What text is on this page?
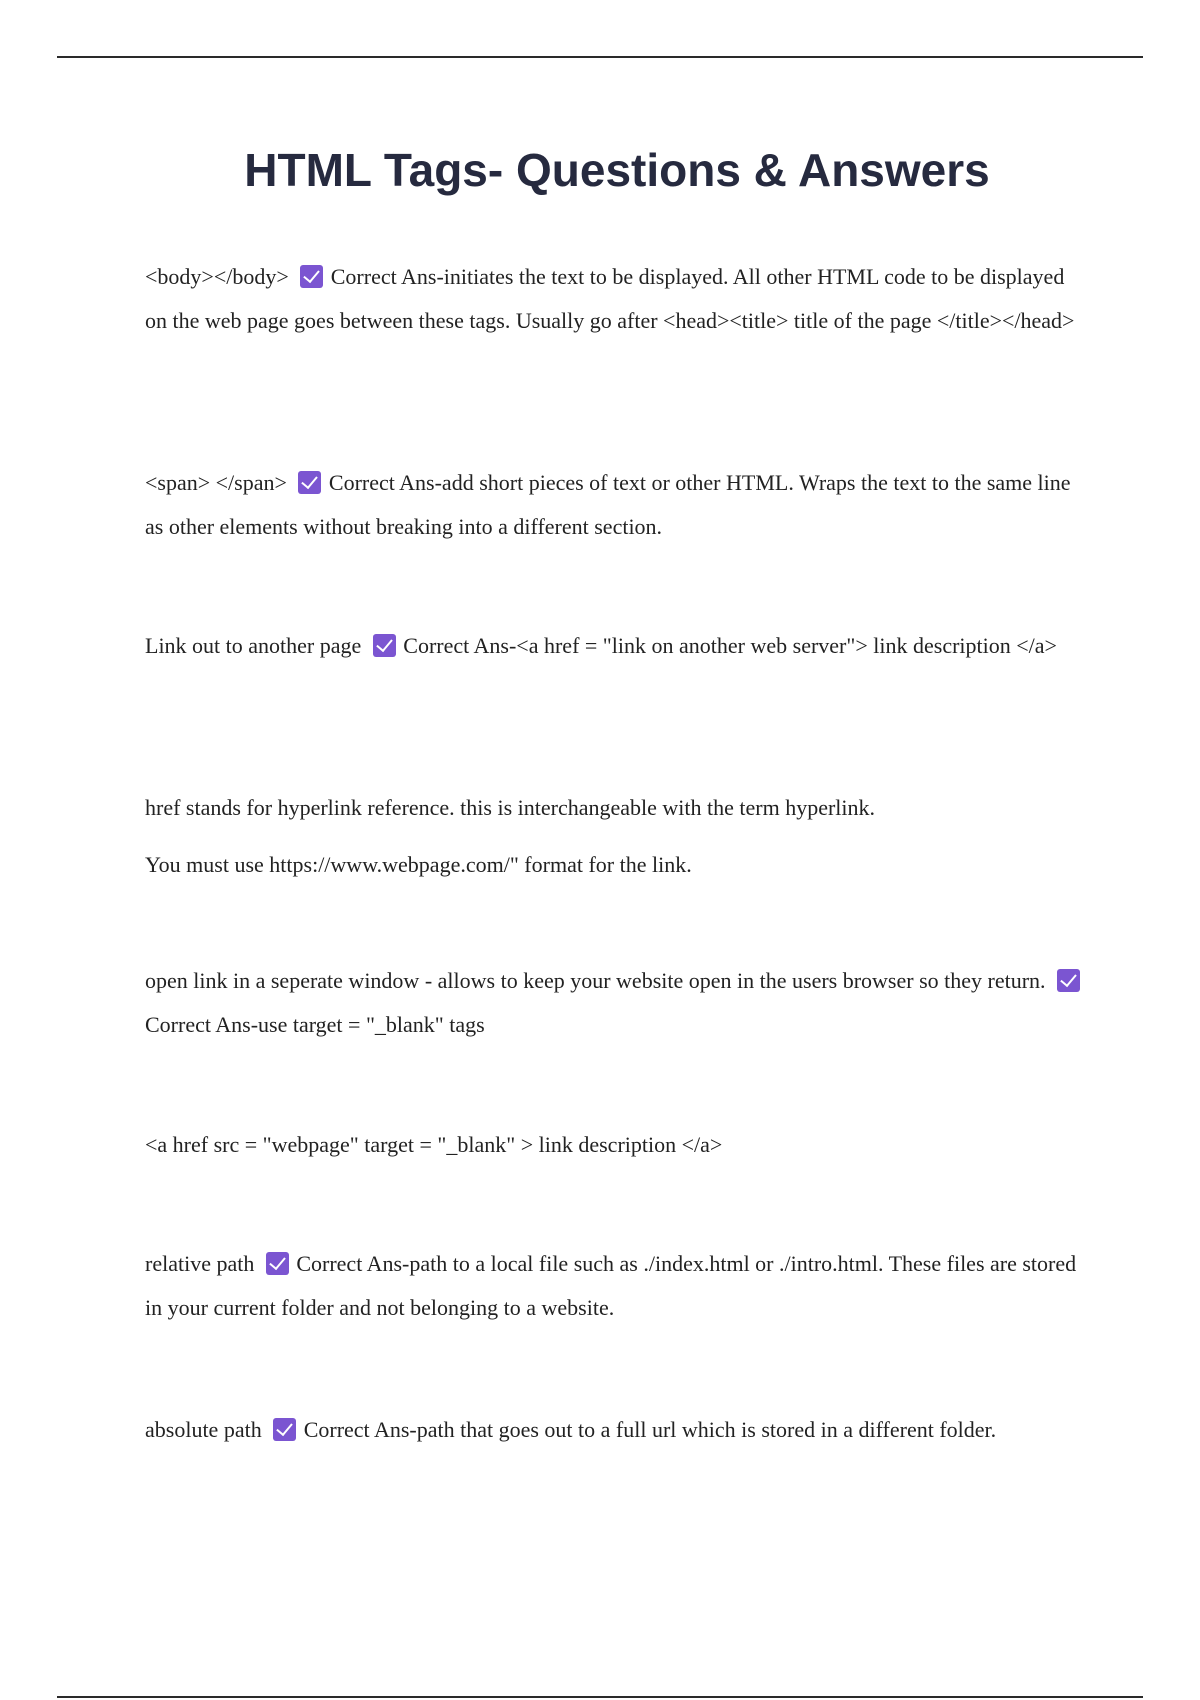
HTML Tags- Questions & Answers

<body></body> Correct Ans-initiates the text to be displayed. All other HTML code to be displayed on the web page goes between these tags. Usually go after <head><title> title of the page </title></head>

<span> </span> Correct Ans-add short pieces of text or other HTML. Wraps the text to the same line as other elements without breaking into a different section.

Link out to another page Correct Ans-<a href = "link on another web server"> link description </a>

href stands for hyperlink reference. this is interchangeable with the term hyperlink.

You must use https://www.webpage.com/" format for the link.

open link in a seperate window - allows to keep your website open in the users browser so they return.  Correct Ans-use target = "_blank" tags

<a href src = "webpage" target = "_blank" > link description </a>

relative path Correct Ans-path to a local file such as ./index.html or ./intro.html. These files are stored in your current folder and not belonging to a website.

absolute path Correct Ans-path that goes out to a full url which is stored in a different folder.
